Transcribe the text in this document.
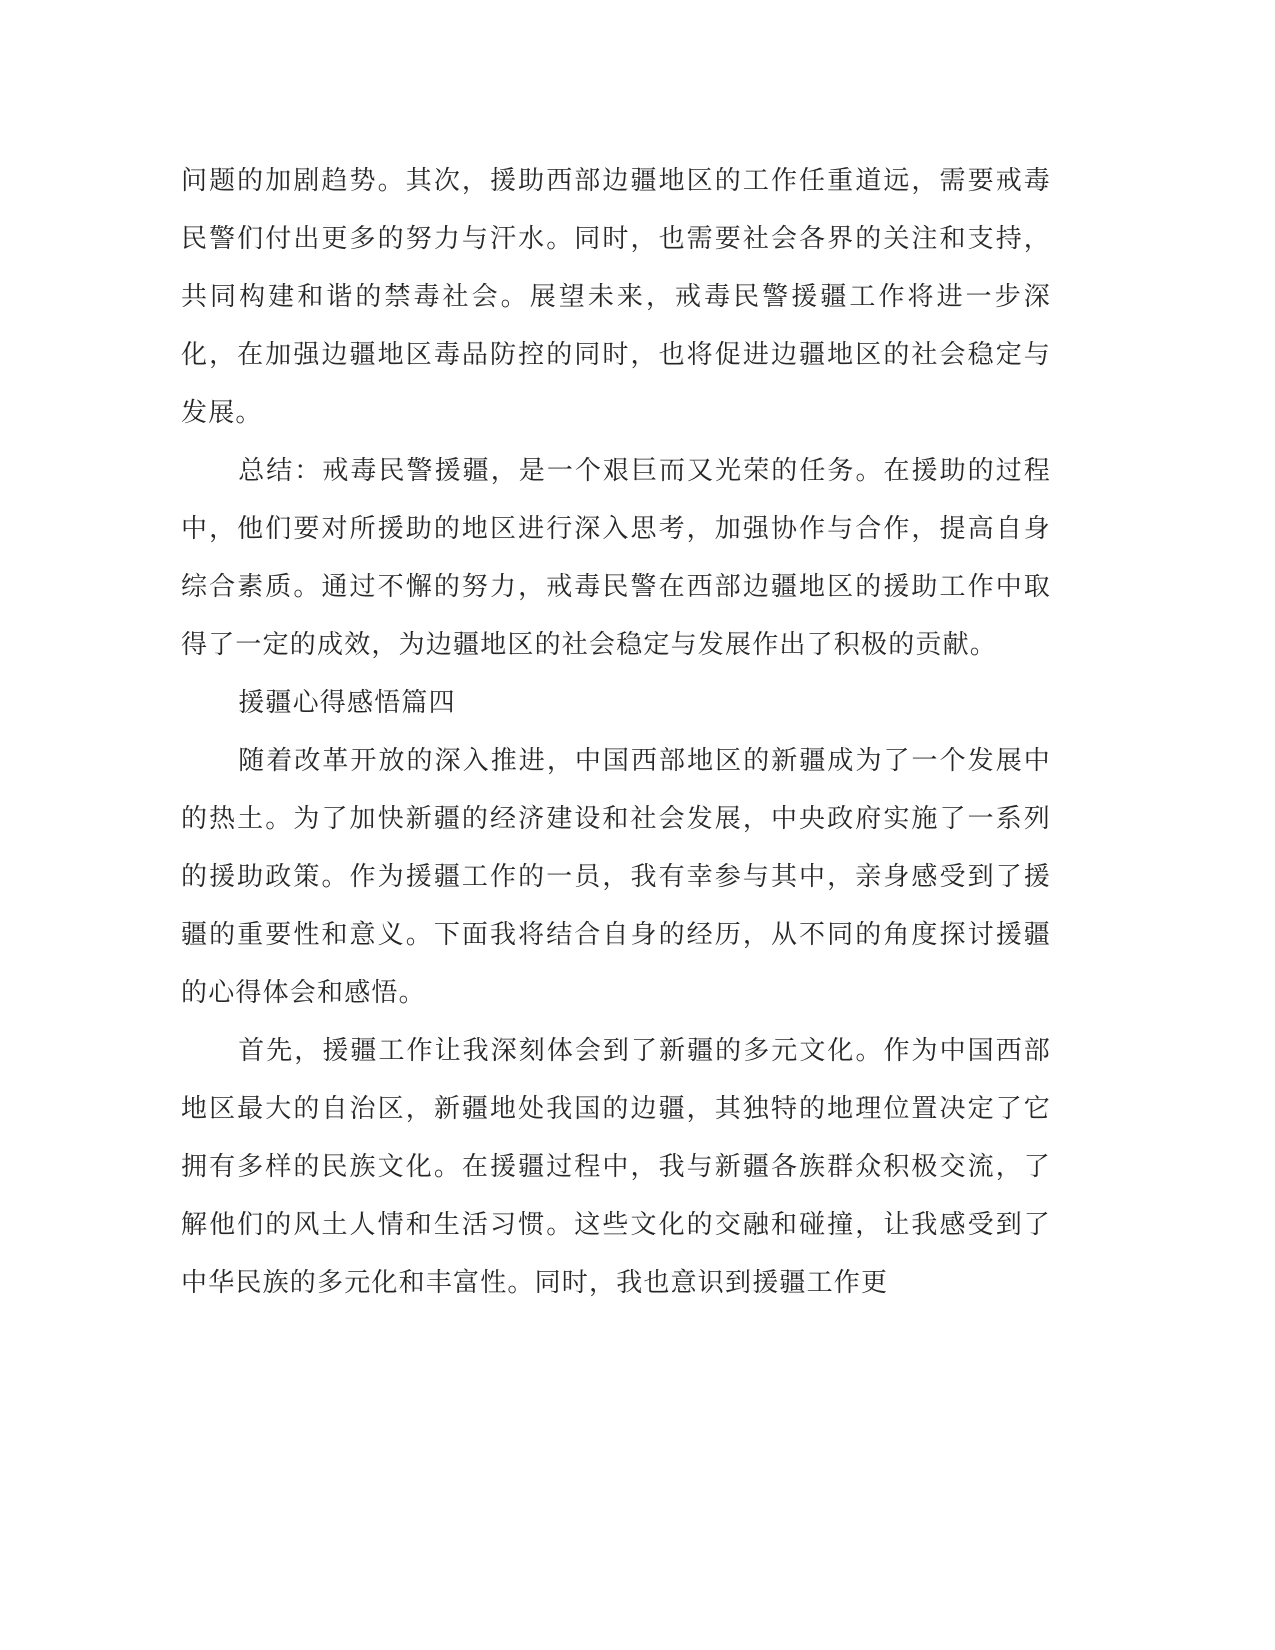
问题的加剧趋势。其次，援助西部边疆地区的工作任重道远，需要戒毒民警们付出更多的努力与汗水。同时，也需要社会各界的关注和支持，共同构建和谐的禁毒社会。展望未来，戒毒民警援疆工作将进一步深化，在加强边疆地区毒品防控的同时，也将促进边疆地区的社会稳定与发展。

总结：戒毒民警援疆，是一个艰巨而又光荣的任务。在援助的过程中，他们要对所援助的地区进行深入思考，加强协作与合作，提高自身综合素质。通过不懈的努力，戒毒民警在西部边疆地区的援助工作中取得了一定的成效，为边疆地区的社会稳定与发展作出了积极的贡献。

援疆心得感悟篇四

随着改革开放的深入推进，中国西部地区的新疆成为了一个发展中的热土。为了加快新疆的经济建设和社会发展，中央政府实施了一系列的援助政策。作为援疆工作的一员，我有幸参与其中，亲身感受到了援疆的重要性和意义。下面我将结合自身的经历，从不同的角度探讨援疆的心得体会和感悟。

首先，援疆工作让我深刻体会到了新疆的多元文化。作为中国西部地区最大的自治区，新疆地处我国的边疆，其独特的地理位置决定了它拥有多样的民族文化。在援疆过程中，我与新疆各族群众积极交流，了解他们的风土人情和生活习惯。这些文化的交融和碰撞，让我感受到了中华民族的多元化和丰富性。同时，我也意识到援疆工作更
